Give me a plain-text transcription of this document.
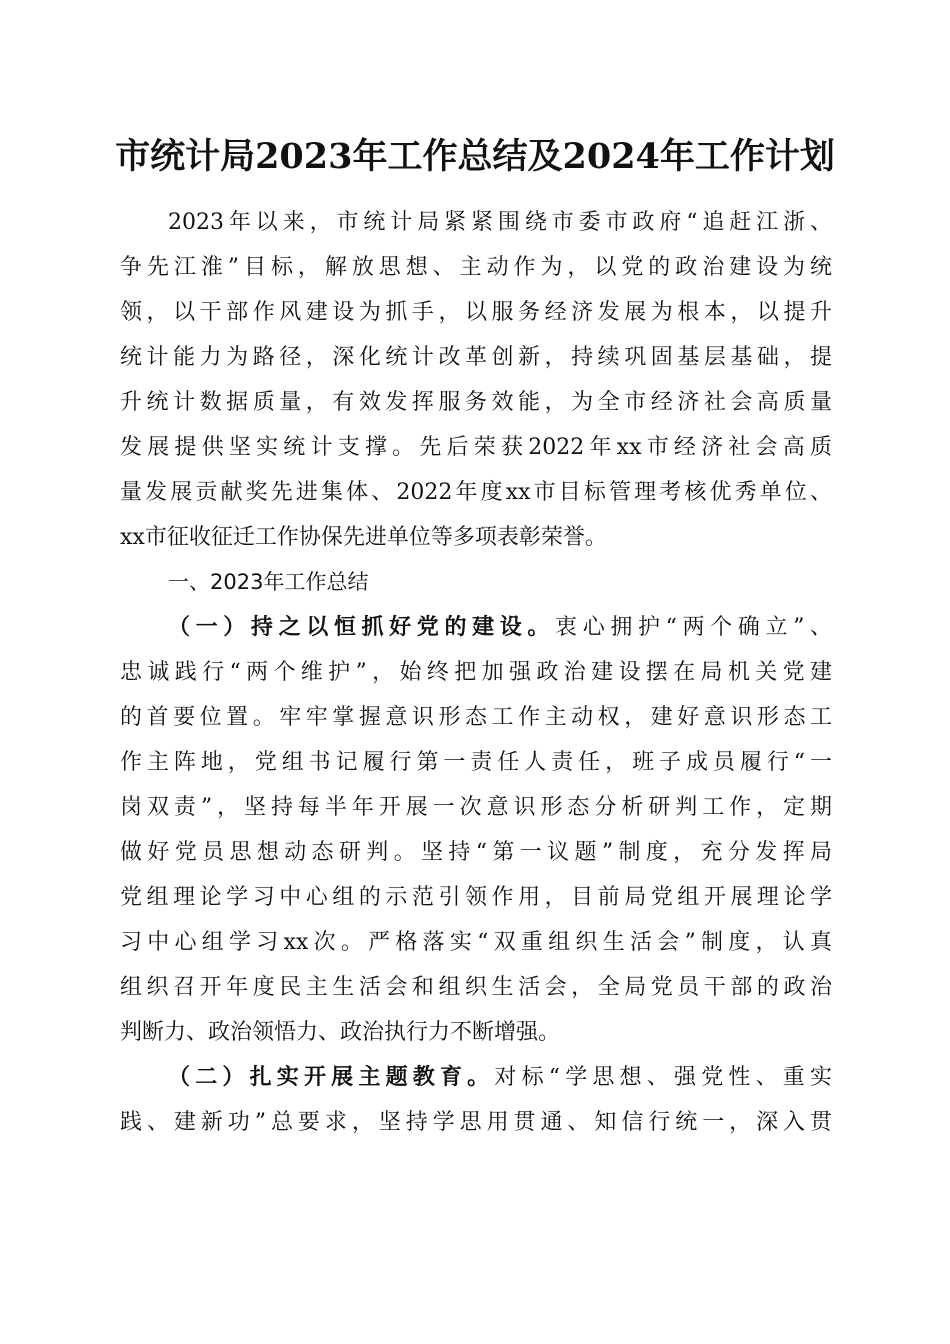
市统计局2023年工作总结及2024年工作计划
2023年以来，市统计局紧紧围绕市委市政府“追赶江浙、
争先江淮”目标，解放思想、主动作为，以党的政治建设为统
领，以干部作风建设为抓手，以服务经济发展为根本，以提升
统计能力为路径，深化统计改革创新，持续巩固基层基础，提
升统计数据质量，有效发挥服务效能，为全市经济社会高质量
发展提供坚实统计支撑。先后荣获2022年xx市经济社会高质
量发展贡献奖先进集体、2022年度xx市目标管理考核优秀单位、
xx市征收征迁工作协保先进单位等多项表彰荣誉。
一、2023年工作总结
（一）持之以恒抓好党的建设。衷心拥护“两个确立”、
忠诚践行“两个维护”，始终把加强政治建设摆在局机关党建
的首要位置。牢牢掌握意识形态工作主动权，建好意识形态工
作主阵地，党组书记履行第一责任人责任，班子成员履行“一
岗双责”，坚持每半年开展一次意识形态分析研判工作，定期
做好党员思想动态研判。坚持“第一议题”制度，充分发挥局
党组理论学习中心组的示范引领作用，目前局党组开展理论学
习中心组学习xx次。严格落实“双重组织生活会”制度，认真
组织召开年度民主生活会和组织生活会，全局党员干部的政治
判断力、政治领悟力、政治执行力不断增强。
（二）扎实开展主题教育。对标“学思想、强党性、重实
践、建新功”总要求，坚持学思用贯通、知信行统一，深入贯
